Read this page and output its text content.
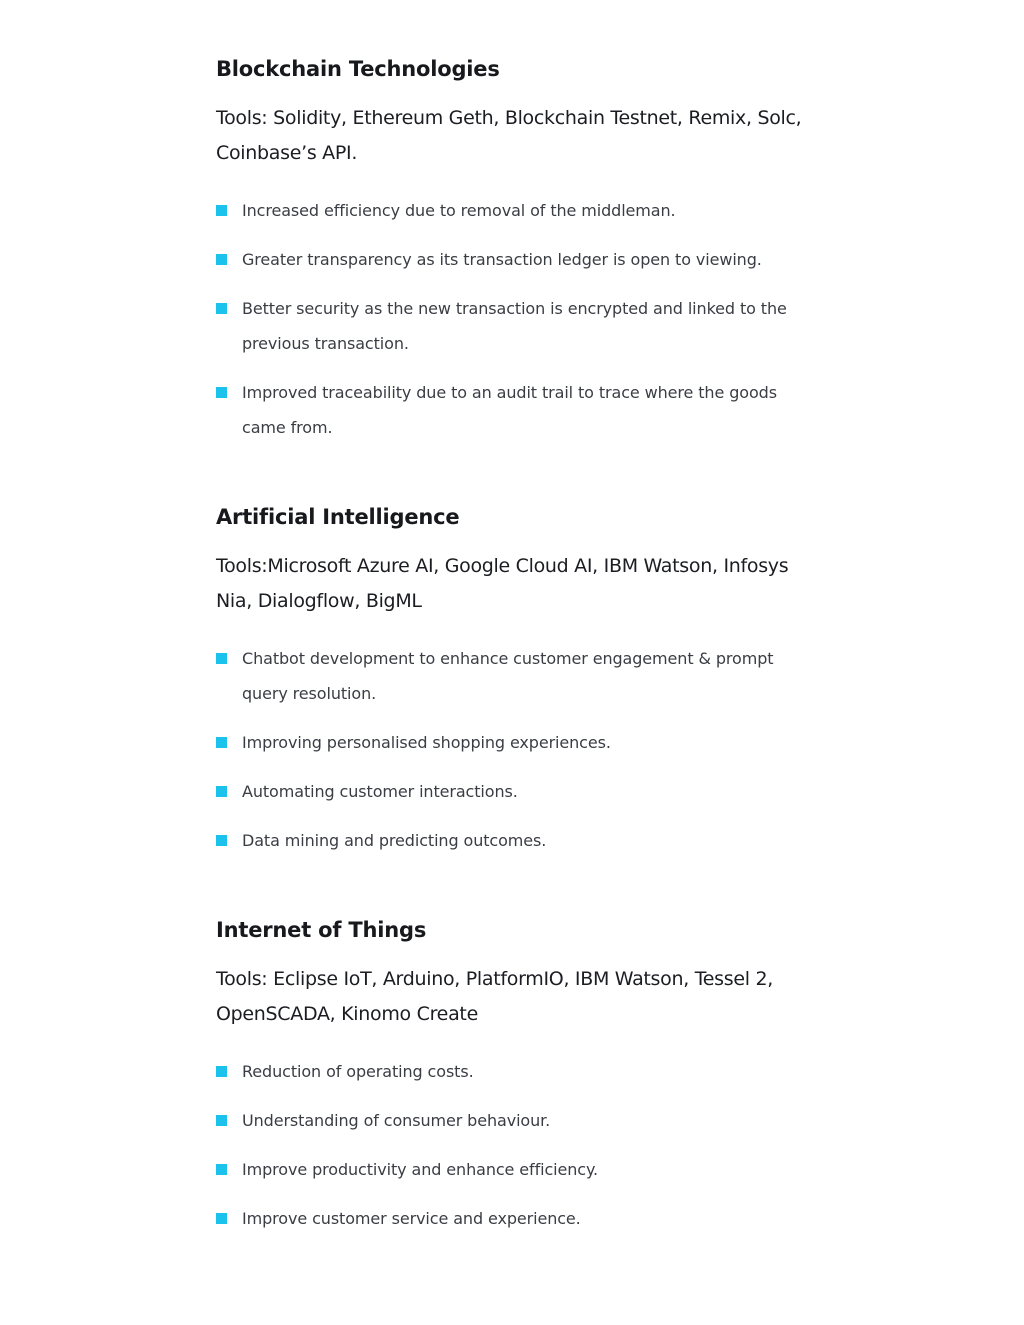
Blockchain Technologies

Tools: Solidity, Ethereum Geth, Blockchain Testnet, Remix, Solc, Coinbase’s API.

Increased efficiency due to removal of the middleman.
Greater transparency as its transaction ledger is open to viewing.
Better security as the new transaction is encrypted and linked to the previous transaction.
Improved traceability due to an audit trail to trace where the goods came from.
Artificial Intelligence

Tools:Microsoft Azure AI, Google Cloud AI, IBM Watson, Infosys Nia, Dialogflow, BigML

Chatbot development to enhance customer engagement & prompt query resolution.
Improving personalised shopping experiences.
Automating customer interactions.
Data mining and predicting outcomes.
Internet of Things

Tools: Eclipse IoT, Arduino, PlatformIO, IBM Watson, Tessel 2, OpenSCADA, Kinomo Create

Reduction of operating costs.
Understanding of consumer behaviour.
Improve productivity and enhance efficiency.
Improve customer service and experience.
